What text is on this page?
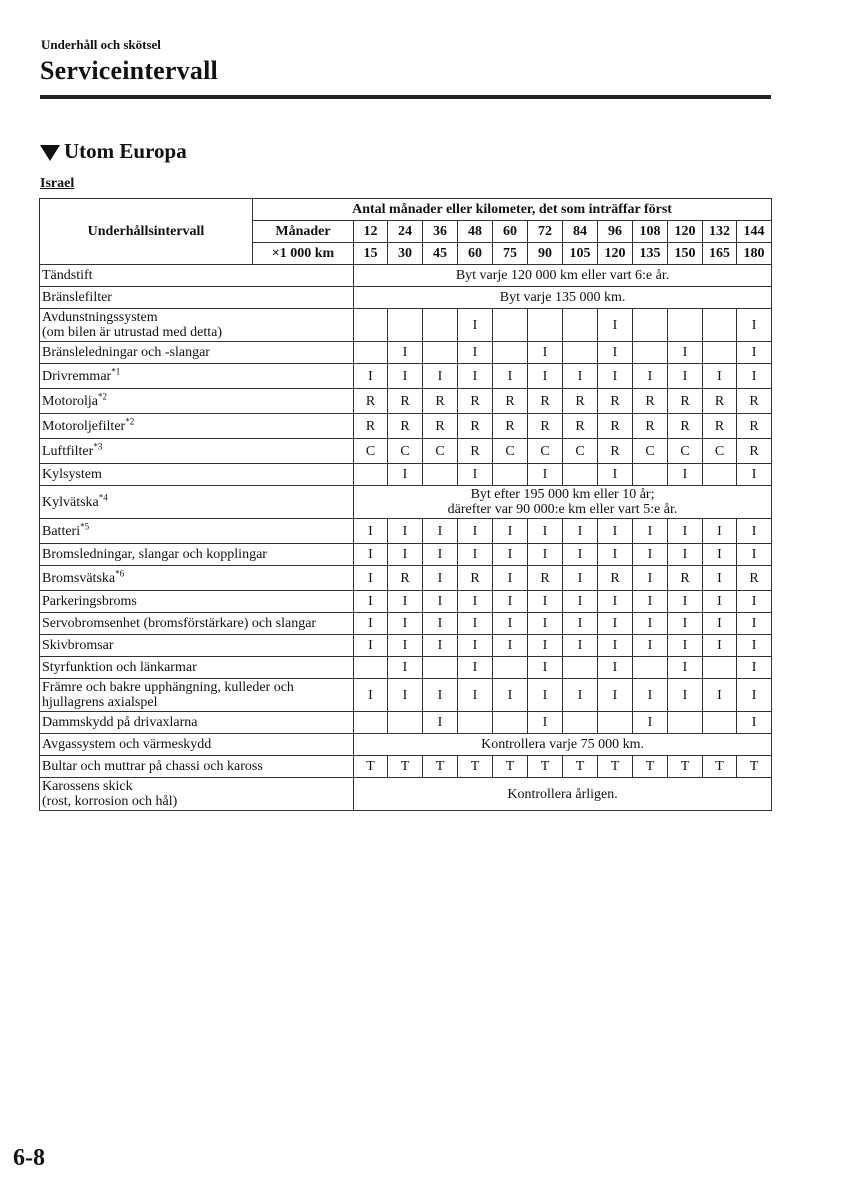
Underhåll och skötsel
Serviceintervall
Utom Europa
Israel
Underhållsintervall	Antal månader eller kilometer, det som inträffar först												
	Månader	12	24	36	48	60	72	84	96	108	120	132	144
	×1 000 km	15	30	45	60	75	90	105	120	135	150	165	180
Tändstift		Byt varje 120 000 km eller vart 6:e år.											
Bränslefilter		Byt varje 135 000 km.											
Avdunstningssystem
(om bilen är utrustad med detta)					I				I				I
Bränsleledningar och -slangar			I		I		I		I		I		I
Drivremmar$^{*1}$		I	I	I	I	I	I	I	I	I	I	I	I
Motorolja$^{*2}$		R	R	R	R	R	R	R	R	R	R	R	R
Motoroljefilter$^{*2}$		R	R	R	R	R	R	R	R	R	R	R	R
Luftfilter$^{*3}$		C	C	C	R	C	C	C	R	C	C	C	R
Kylsystem			I		I		I		I		I		I
Kylvätska$^{*4}$		Byt efter 195 000 km eller 10 år;
därefter var 90 000:e km eller vart 5:e år.											
Batteri$^{*5}$		I	I	I	I	I	I	I	I	I	I	I	I
Bromsledningar, slangar och kopplingar		I	I	I	I	I	I	I	I	I	I	I	I
Bromsvätska$^{*6}$		I	R	I	R	I	R	I	R	I	R	I	R
Parkeringsbroms		I	I	I	I	I	I	I	I	I	I	I	I
Servobromsenhet (bromsförstärkare) och slangar		I	I	I	I	I	I	I	I	I	I	I	I
Skivbromsar		I	I	I	I	I	I	I	I	I	I	I	I
Styrfunktion och länkarmar			I		I		I		I		I		I
Främre och bakre upphängning, kulleder och
hjullagrens axialspel		I	I	I	I	I	I	I	I	I	I	I	I
Dammskydd på drivaxlarna				I			I			I			I
Avgassystem och värmeskydd		Kontrollera varje 75 000 km.											
Bultar och muttrar på chassi och kaross		T	T	T	T	T	T	T	T	T	T	T	T
Karossens skick
(rost, korrosion och hål)		Kontrollera årligen.											
6-8
